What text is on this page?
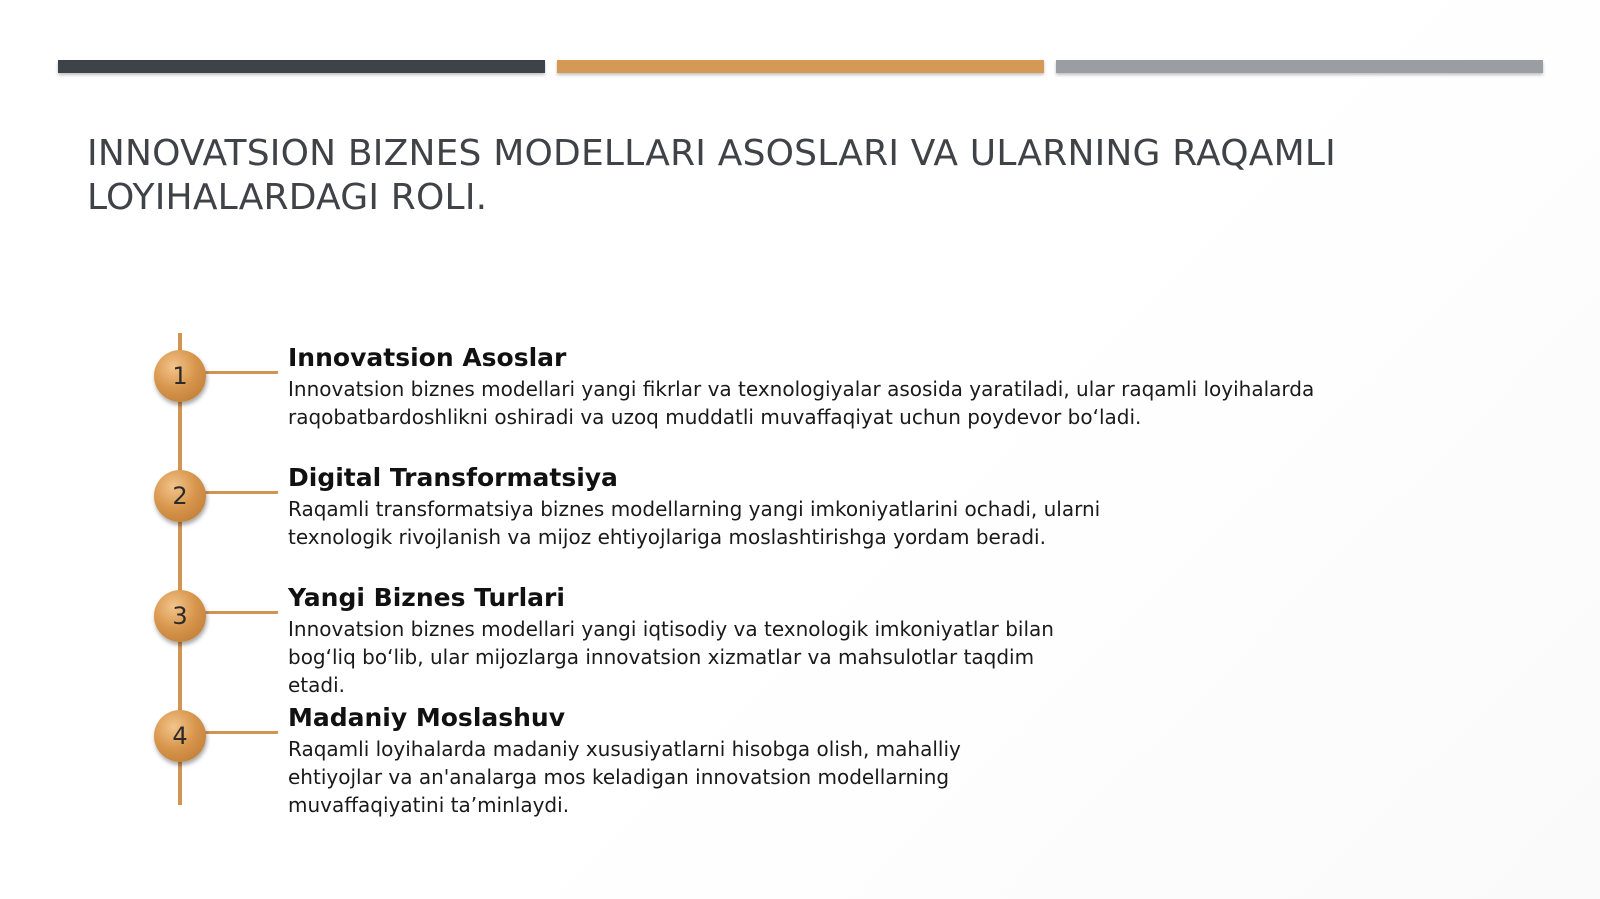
INNOVATSION BIZNES MODELLARI ASOSLARI VA ULARNING RAQAMLI LOYIHALARDAGI ROLI.
1

Innovatsion Asoslar

Innovatsion biznes modellari yangi fikrlar va texnologiyalar asosida yaratiladi, ular raqamli loyihalarda raqobatbardoshlikni oshiradi va uzoq muddatli muvaffaqiyat uchun poydevor bo‘ladi.

2

Digital Transformatsiya

Raqamli transformatsiya biznes modellarning yangi imkoniyatlarini ochadi, ularni texnologik rivojlanish va mijoz ehtiyojlariga moslashtirishga yordam beradi.

3

Yangi Biznes Turlari

Innovatsion biznes modellari yangi iqtisodiy va texnologik imkoniyatlar bilan bog‘liq bo‘lib, ular mijozlarga innovatsion xizmatlar va mahsulotlar taqdim etadi.

4

Madaniy Moslashuv

Raqamli loyihalarda madaniy xususiyatlarni hisobga olish, mahalliy ehtiyojlar va an'analarga mos keladigan innovatsion modellarning muvaffaqiyatini ta’minlaydi.
